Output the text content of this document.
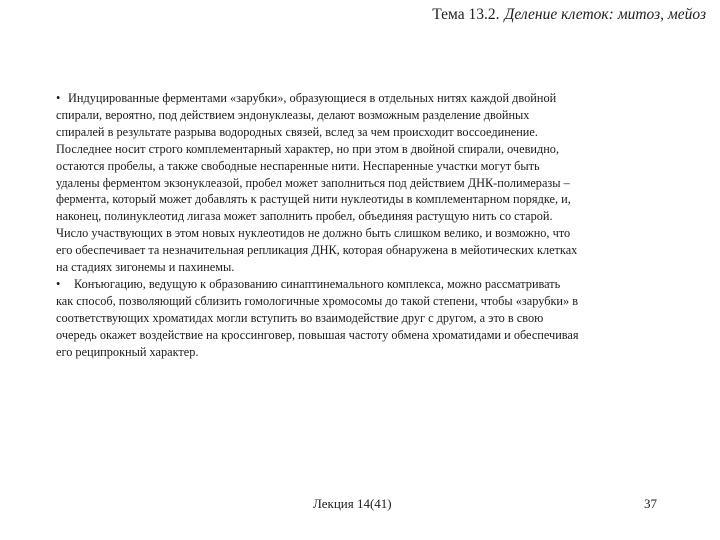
Тема 13.2. Деление клеток: митоз, мейоз
• Индуцированные ферментами «зарубки», образующиеся в отдельных нитях каждой двойной
спирали, вероятно, под действием эндонуклеазы, делают возможным разделение двойных
спиралей в результате разрыва водородных связей, вслед за чем происходит воссоединение.
Последнее носит строго комплементарный характер, но при этом в двойной спирали, очевидно,
остаются пробелы, а также свободные неспаренные нити. Неспаренные участки могут быть
удалены ферментом экзонуклеазой, пробел может заполниться под действием ДНК-полимеразы –
фермента, который может добавлять к растущей нити нуклеотиды в комплементарном порядке, и,
наконец, полинуклеотид лигаза может заполнить пробел, объединяя растущую нить со старой.
Число участвующих в этом новых нуклеотидов не должно быть слишком велико, и возможно, что
его обеспечивает та незначительная репликация ДНК, которая обнаружена в мейотических клетках
на стадиях зигонемы и пахинемы.
• Конъюгацию, ведущую к образованию синаптинемального комплекса, можно рассматривать
как способ, позволяющий сблизить гомологичные хромосомы до такой степени, чтобы «зарубки» в
соответствующих хроматидах могли вступить во взаимодействие друг с другом, а это в свою
очередь окажет воздействие на кроссинговер, повышая частоту обмена хроматидами и обеспечивая
его реципрокный характер.
Лекция 14(41)	37
